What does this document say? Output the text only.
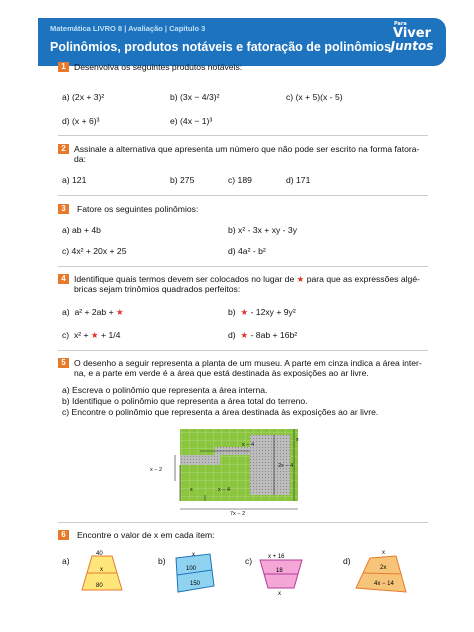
Matemática LIVRO 8 | Avaliação | Capítulo 3
Polinômios, produtos notáveis e fatoração de polinômios
Para
Viver
Juntos
1 Desenvolva os seguintes produtos notáveis:
a) (2x + 3)²	b) (3x − 4/3)²	c) (x + 5)(x - 5)
d) (x + 6)³	e) (4x − 1)³
2 Assinale a alternativa que apresenta um número que não pode ser escrito na forma fatora-
da:
a) 121	b) 275	c) 189	d) 171
3	Fatore os seguintes polinômios:
a) ab + 4b	b) x² - 3x + xy - 3y
c) 4x² + 20x + 25	d) 4a² - b²
4 Identifique quais termos devem ser colocados no lugar de ★ para que as expressões algé-
bricas sejam trinômios quadrados perfeitos:
a) a² + 2ab + ★	b) ★ - 12xy + 9y²
c) x² + ★ + 1/4	d) ★ - 8ab + 16b²
5 O desenho a seguir representa a planta de um museu. A parte em cinza indica a área inter-
na, e a parte em verde é a área que está destinada às exposições ao ar livre.
a) Escreva o polinômio que representa a área interna.
b) Identifique o polinômio que representa a área total do terreno.
c) Encontre o polinômio que representa a área destinada às exposições ao ar livre.
x − 4
x − 2
x	x − 4
2x − 4
x
7x − 2
6	Encontre o valor de x em cada item:
a)
40
x
80
b)
x
100
150
c)	x + 16
18
x
d)
x
2x
4x − 14
